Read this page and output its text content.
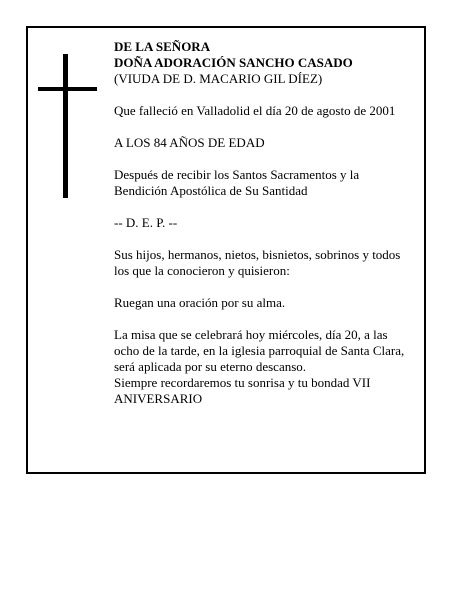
DE LA SEÑORA
DOÑA ADORACIÓN SANCHO CASADO
(VIUDA DE D. MACARIO GIL DÍEZ)
Que falleció en Valladolid el día 20 de agosto de 2001
A LOS 84 AÑOS DE EDAD
Después de recibir los Santos Sacramentos y la
Bendición Apostólica de Su Santidad
-- D. E. P. --
Sus hijos, hermanos, nietos, bisnietos, sobrinos y todos
los que la conocieron y quisieron:
Ruegan una oración por su alma.
La misa que se celebrará hoy miércoles, día 20, a las
ocho de la tarde, en la iglesia parroquial de Santa Clara,
será aplicada por su eterno descanso.
Siempre recordaremos tu sonrisa y tu bondad VII
ANIVERSARIO
